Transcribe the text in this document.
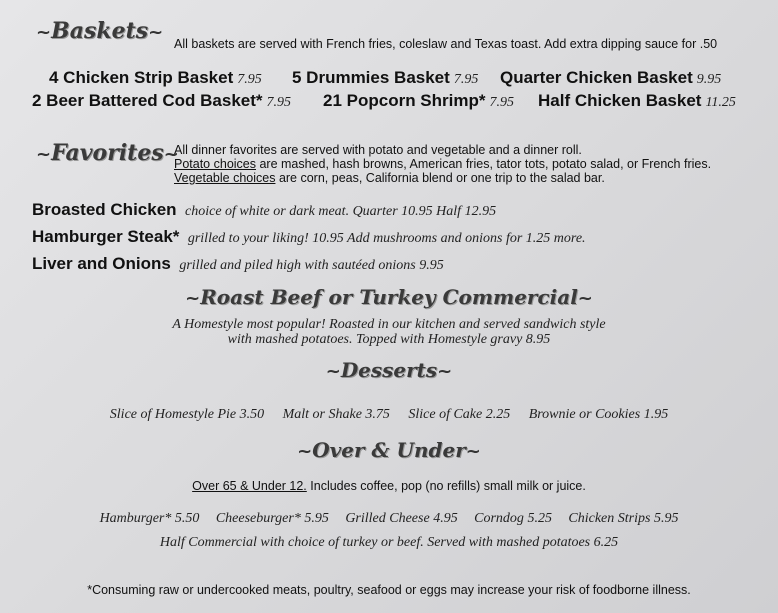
~Baskets~
All baskets are served with French fries, coleslaw and Texas toast. Add extra dipping sauce for .50
4 Chicken Strip Basket 7.95 5 Drummies Basket 7.95 Quarter Chicken Basket 9.95
2 Beer Battered Cod Basket* 7.95 21 Popcorn Shrimp* 7.95 Half Chicken Basket 11.25
~Favorites~
All dinner favorites are served with potato and vegetable and a dinner roll.
Potato choices are mashed, hash browns, American fries, tator tots, potato salad, or French fries.
Vegetable choices are corn, peas, California blend or one trip to the salad bar.
Broasted Chicken choice of white or dark meat. Quarter 10.95 Half 12.95
Hamburger Steak* grilled to your liking! 10.95 Add mushrooms and onions for 1.25 more.
Liver and Onions grilled and piled high with sautéed onions 9.95
~Roast Beef or Turkey Commercial~
A Homestyle most popular! Roasted in our kitchen and served sandwich style
with mashed potatoes. Topped with Homestyle gravy 8.95
~Desserts~
Slice of Homestyle Pie 3.50 Malt or Shake 3.75 Slice of Cake 2.25 Brownie or Cookies 1.95
~Over & Under~
Over 65 & Under 12. Includes coffee, pop (no refills) small milk or juice.
Hamburger* 5.50 Cheeseburger* 5.95 Grilled Cheese 4.95 Corndog 5.25 Chicken Strips 5.95
Half Commercial with choice of turkey or beef. Served with mashed potatoes 6.25
*Consuming raw or undercooked meats, poultry, seafood or eggs may increase your risk of foodborne illness.
